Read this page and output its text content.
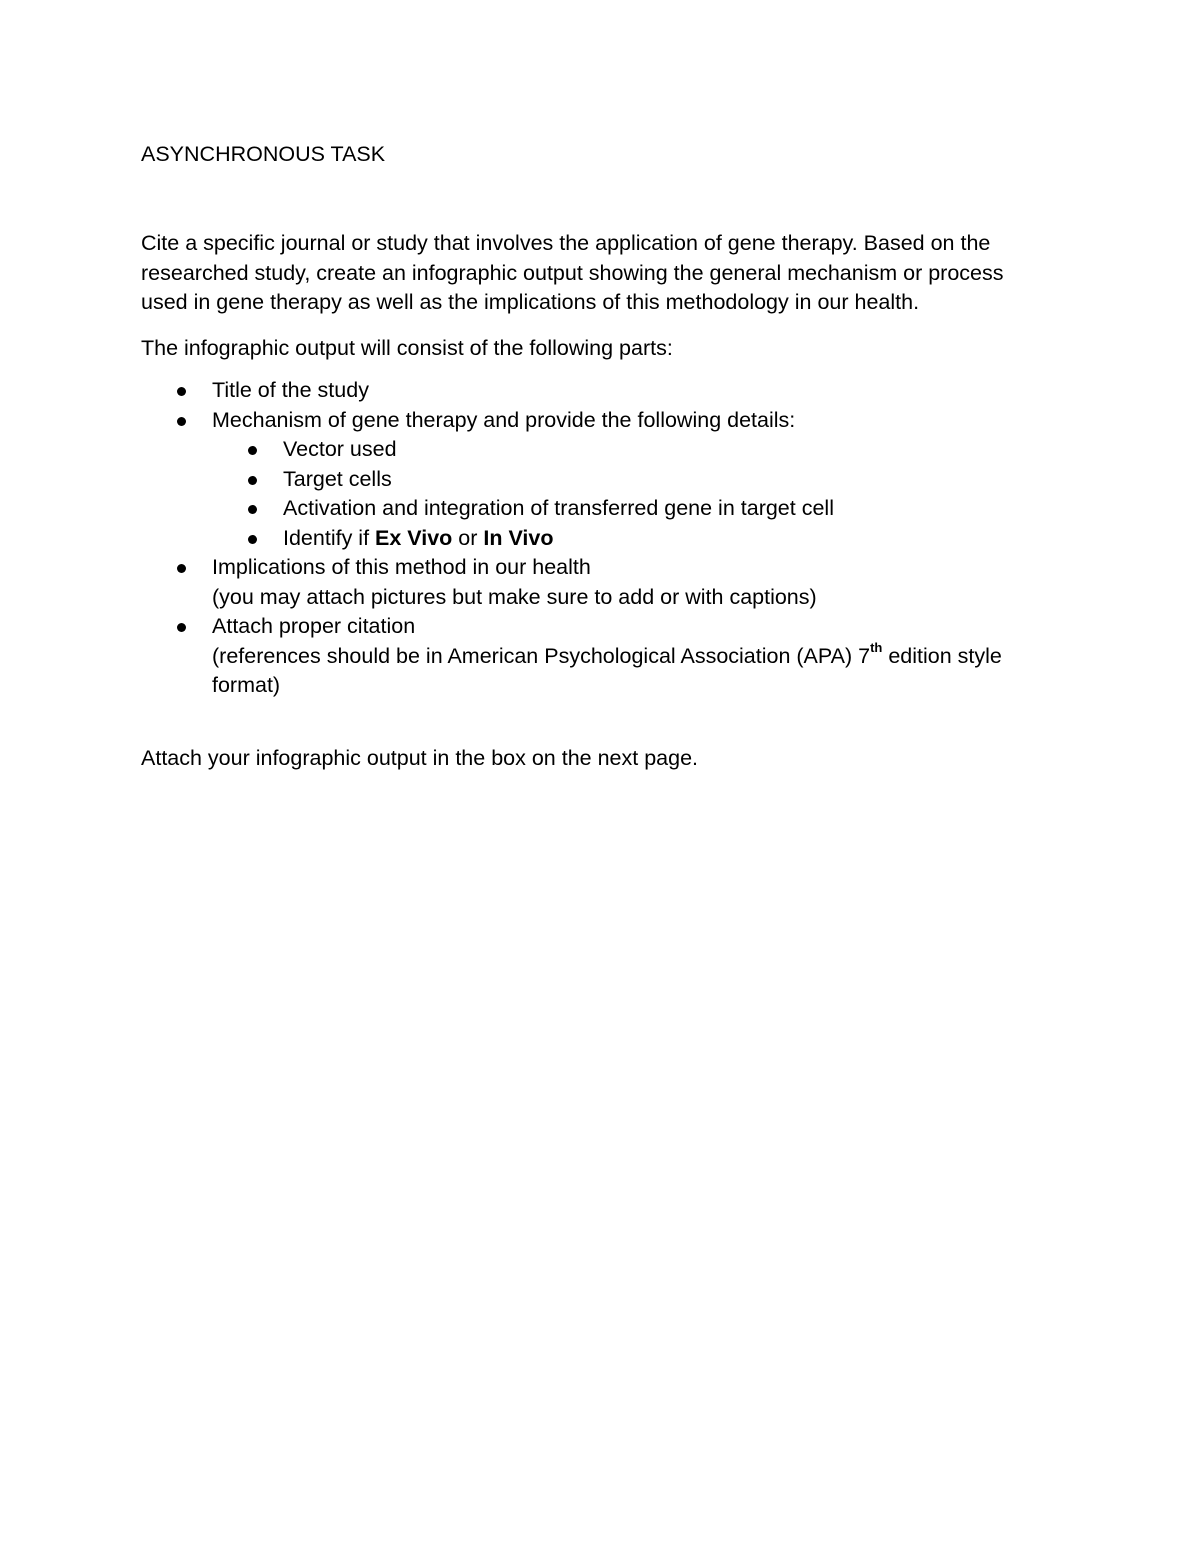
ASYNCHRONOUS TASK

Cite a specific journal or study that involves the application of gene therapy. Based on the researched study, create an infographic output showing the general mechanism or process used in gene therapy as well as the implications of this methodology in our health.

The infographic output will consist of the following parts:

Title of the study
Mechanism of gene therapy and provide the following details:
Vector used
Target cells
Activation and integration of transferred gene in target cell
Identify if Ex Vivo or In Vivo
Implications of this method in our health
(you may attach pictures but make sure to add or with captions)
Attach proper citation
(references should be in American Psychological Association (APA) 7th edition style format)

Attach your infographic output in the box on the next page.
